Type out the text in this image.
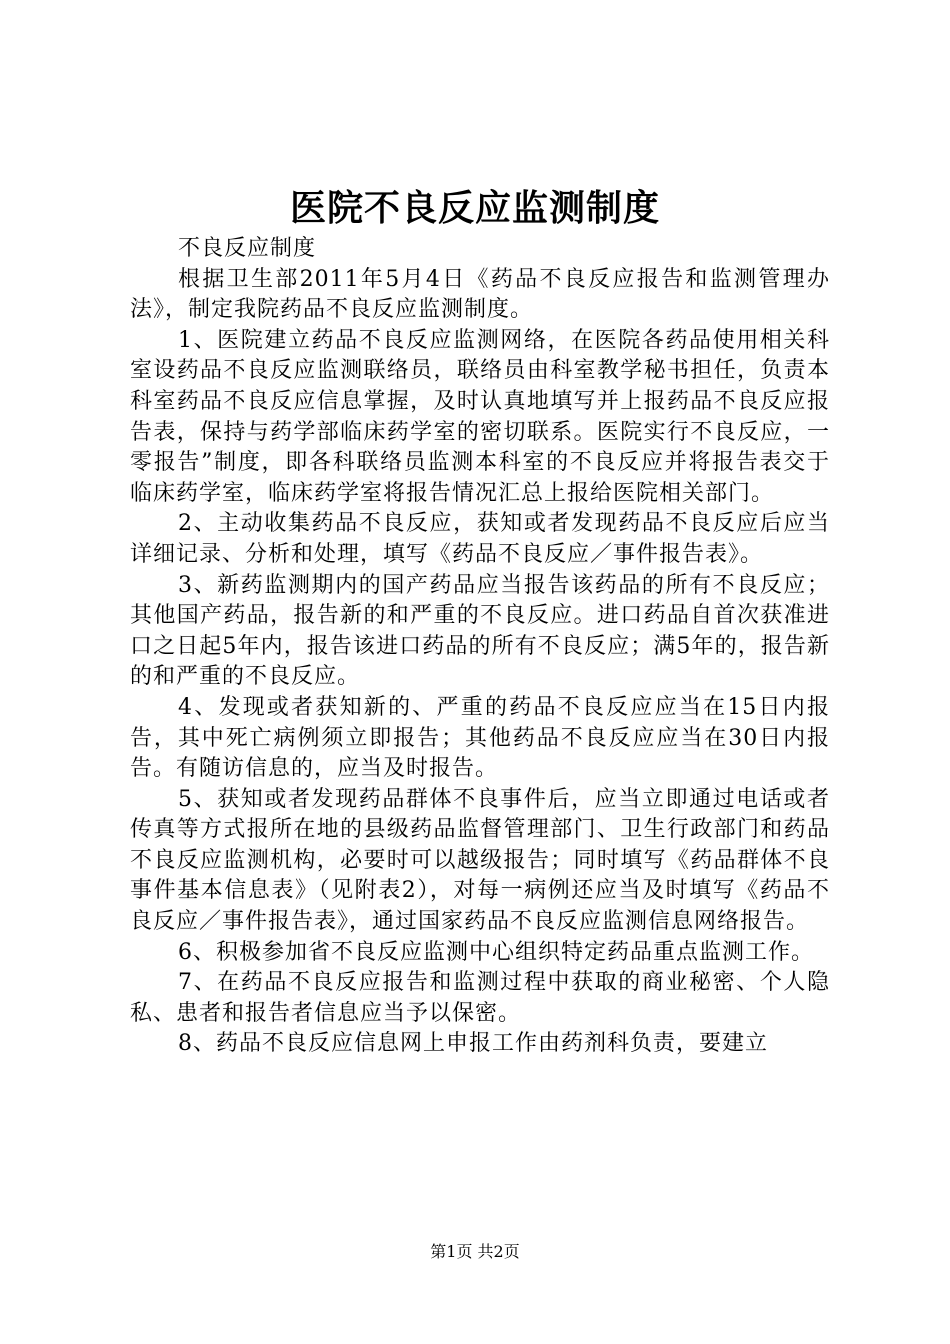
医院不良反应监测制度

不良反应制度

根据卫生部2011年5月4日《药品不良反应报告和监测管理办法》，制定我院药品不良反应监测制度。

1、医院建立药品不良反应监测网络，在医院各药品使用相关科室设药品不良反应监测联络员，联络员由科室教学秘书担任，负责本科室药品不良反应信息掌握，及时认真地填写并上报药品不良反应报告表，保持与药学部临床药学室的密切联系。医院实行不良反应，一零报告”制度，即各科联络员监测本科室的不良反应并将报告表交于临床药学室，临床药学室将报告情况汇总上报给医院相关部门。

2、主动收集药品不良反应，获知或者发现药品不良反应后应当详细记录、分析和处理，填写《药品不良反应／事件报告表》。

3、新药监测期内的国产药品应当报告该药品的所有不良反应；其他国产药品，报告新的和严重的不良反应。进口药品自首次获准进口之日起5年内，报告该进口药品的所有不良反应；满5年的，报告新的和严重的不良反应。

4、发现或者获知新的、严重的药品不良反应应当在15日内报告，其中死亡病例须立即报告；其他药品不良反应应当在30日内报告。有随访信息的，应当及时报告。

5、获知或者发现药品群体不良事件后，应当立即通过电话或者传真等方式报所在地的县级药品监督管理部门、卫生行政部门和药品不良反应监测机构，必要时可以越级报告；同时填写《药品群体不良事件基本信息表》（见附表2），对每一病例还应当及时填写《药品不良反应／事件报告表》，通过国家药品不良反应监测信息网络报告。

6、积极参加省不良反应监测中心组织特定药品重点监测工作。

7、在药品不良反应报告和监测过程中获取的商业秘密、个人隐私、患者和报告者信息应当予以保密。

8、药品不良反应信息网上申报工作由药剂科负责，要建立

第1页 共2页
